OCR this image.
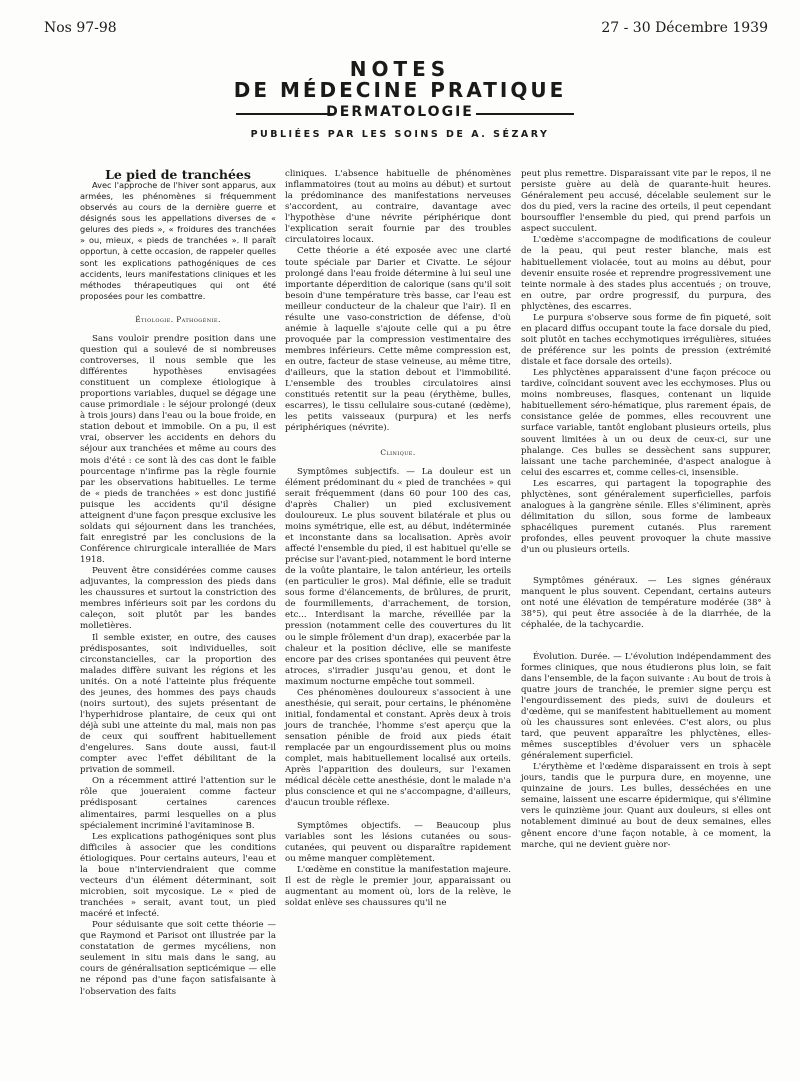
Nos 97-98	27 - 30 Décembre 1939
NOTES
DE MÉDECINE PRATIQUE
DERMATOLOGIE
PUBLIÉES PAR LES SOINS DE A. SÉZARY

Le pied de tranchées

Avec l'approche de l'hiver sont apparus, aux armées, les phénomènes si fréquemment observés au cours de la dernière guerre et désignés sous les appellations diverses de « gelures des pieds », « froidures des tranchées » ou, mieux, « pieds de tranchées ». Il paraît opportun, à cette occasion, de rappeler quelles sont les explications pathogéniques de ces accidents, leurs manifestations cliniques et les méthodes thérapeutiques qui ont été proposées pour les combattre.

Étiologie. Pathogénie.

Sans vouloir prendre position dans une question qui a soulevé de si nombreuses controverses, il nous semble que les différentes hypothèses envisagées constituent un complexe étiologique à proportions variables, duquel se dégage une cause primordiale : le séjour prolongé (deux à trois jours) dans l'eau ou la boue froide, en station debout et immobile. On a pu, il est vrai, observer les accidents en dehors du séjour aux tranchées et même au cours des mois d'été : ce sont là des cas dont le faible pourcentage n'infirme pas la règle fournie par les observations habituelles. Le terme de « pieds de tranchées » est donc justifié puisque les accidents qu'il désigne atteignent d'une façon presque exclusive les soldats qui séjournent dans les tranchées, fait enregistré par les conclusions de la Conférence chirurgicale interalliée de Mars 1918.

Peuvent être considérées comme causes adjuvantes, la compression des pieds dans les chaussures et surtout la constriction des membres inférieurs soit par les cordons du caleçon, soit plutôt par les bandes molletières.

Il semble exister, en outre, des causes prédisposantes, soit individuelles, soit circonstancielles, car la proportion des malades diffère suivant les régions et les unités. On a noté l'atteinte plus fréquente des jeunes, des hommes des pays chauds (noirs surtout), des sujets présentant de l'hyperhidrose plantaire, de ceux qui ont déjà subi une atteinte du mal, mais non pas de ceux qui souffrent habituellement d'engelures. Sans doute aussi, faut-il compter avec l'effet débilitant de la privation de sommeil.

On a récemment attiré l'attention sur le rôle que joueraient comme facteur prédisposant certaines carences alimentaires, parmi lesquelles on a plus spécialement incriminé l'avitaminose B.

Les explications pathogéniques sont plus difficiles à associer que les conditions étiologiques. Pour certains auteurs, l'eau et la boue n'interviendraient que comme vecteurs d'un élément déterminant, soit microbien, soit mycosique. Le « pied de tranchées » serait, avant tout, un pied macéré et infecté.

Pour séduisante que soit cette théorie — que Raymond et Parisot ont illustrée par la constatation de germes mycéliens, non seulement in situ mais dans le sang, au cours de généralisation septicémique — elle ne répond pas d'une façon satisfaisante à l'observation des faits

cliniques. L'absence habituelle de phénomènes inflammatoires (tout au moins au début) et surtout la prédominance des manifestations nerveuses s'accordent, au contraire, davantage avec l'hypothèse d'une névrite périphérique dont l'explication serait fournie par des troubles circulatoires locaux.

Cette théorie a été exposée avec une clarté toute spéciale par Darier et Civatte. Le séjour prolongé dans l'eau froide détermine à lui seul une importante déperdition de calorique (sans qu'il soit besoin d'une température très basse, car l'eau est meilleur conducteur de la chaleur que l'air). Il en résulte une vaso-constriction de défense, d'où anémie à laquelle s'ajoute celle qui a pu être provoquée par la compression vestimentaire des membres inférieurs. Cette même compression est, en outre, facteur de stase veineuse, au même titre, d'ailleurs, que la station debout et l'immobilité. L'ensemble des troubles circulatoires ainsi constitués retentit sur la peau (érythème, bulles, escarres), le tissu cellulaire sous-cutané (œdème), les petits vaisseaux (purpura) et les nerfs périphériques (névrite).

Clinique.

Symptômes subjectifs. — La douleur est un élément prédominant du « pied de tranchées » qui serait fréquemment (dans 60 pour 100 des cas, d'après Chalier) un pied exclusivement douloureux. Le plus souvent bilatérale et plus ou moins symétrique, elle est, au début, indéterminée et inconstante dans sa localisation. Après avoir affecté l'ensemble du pied, il est habituel qu'elle se précise sur l'avant-pied, notamment le bord interne de la voûte plantaire, le talon antérieur, les orteils (en particulier le gros). Mal définie, elle se traduit sous forme d'élancements, de brûlures, de prurit, de fourmillements, d'arrachement, de torsion, etc... Interdisant la marche, réveillée par la pression (notamment celle des couvertures du lit ou le simple frôlement d'un drap), exacerbée par la chaleur et la position déclive, elle se manifeste encore par des crises spontanées qui peuvent être atroces, s'irradier jusqu'au genou, et dont le maximum nocturne empêche tout sommeil.

Ces phénomènes douloureux s'associent à une anesthésie, qui serait, pour certains, le phénomène initial, fondamental et constant. Après deux à trois jours de tranchée, l'homme s'est aperçu que la sensation pénible de froid aux pieds était remplacée par un engourdissement plus ou moins complet, mais habituellement localisé aux orteils. Après l'apparition des douleurs, sur l'examen médical décèle cette anesthésie, dont le malade n'a plus conscience et qui ne s'accompagne, d'ailleurs, d'aucun trouble réflexe.

Symptômes objectifs. — Beaucoup plus variables sont les lésions cutanées ou sous-cutanées, qui peuvent ou disparaître rapidement ou même manquer complètement.

L'œdème en constitue la manifestation majeure. Il est de règle le premier jour, apparaissant ou augmentant au moment où, lors de la relève, le soldat enlève ses chaussures qu'il ne

peut plus remettre. Disparaissant vite par le repos, il ne persiste guère au delà de quarante-huit heures. Généralement peu accusé, décelable seulement sur le dos du pied, vers la racine des orteils, il peut cependant boursouffler l'ensemble du pied, qui prend parfois un aspect succulent.

L'œdème s'accompagne de modifications de couleur de la peau, qui peut rester blanche, mais est habituellement violacée, tout au moins au début, pour devenir ensuite rosée et reprendre progressivement une teinte normale à des stades plus accentués ; on trouve, en outre, par ordre progressif, du purpura, des phlyctènes, des escarres.

Le purpura s'observe sous forme de fin piqueté, soit en placard diffus occupant toute la face dorsale du pied, soit plutôt en taches ecchymotiques irrégulières, situées de préférence sur les points de pression (extrémité distale et face dorsale des orteils).

Les phlyctènes apparaissent d'une façon précoce ou tardive, coïncidant souvent avec les ecchymoses. Plus ou moins nombreuses, flasques, contenant un liquide habituellement séro-hématique, plus rarement épais, de consistance gelée de pommes, elles recouvrent une surface variable, tantôt englobant plusieurs orteils, plus souvent limitées à un ou deux de ceux-ci, sur une phalange. Ces bulles se dessèchent sans suppurer, laissant une tache parcheminée, d'aspect analogue à celui des escarres et, comme celles-ci, insensible.

Les escarres, qui partagent la topographie des phlyctènes, sont généralement superficielles, parfois analogues à la gangrène sénile. Elles s'éliminent, après délimitation du sillon, sous forme de lambeaux sphacéliques purement cutanés. Plus rarement profondes, elles peuvent provoquer la chute massive d'un ou plusieurs orteils.

Symptômes généraux. — Les signes généraux manquent le plus souvent. Cependant, certains auteurs ont noté une élévation de température modérée (38° à 38°5), qui peut être associée à de la diarrhée, de la céphalée, de la tachycardie.

Évolution. Durée. — L'évolution indépendamment des formes cliniques, que nous étudierons plus loin, se fait dans l'ensemble, de la façon suivante : Au bout de trois à quatre jours de tranchée, le premier signe perçu est l'engourdissement des pieds, suivi de douleurs et d'œdème, qui se manifestent habituellement au moment où les chaussures sont enlevées. C'est alors, ou plus tard, que peuvent apparaître les phlyctènes, elles-mêmes susceptibles d'évoluer vers un sphacèle généralement superficiel.

L'érythème et l'œdème disparaissent en trois à sept jours, tandis que le purpura dure, en moyenne, une quinzaine de jours. Les bulles, desséchées en une semaine, laissent une escarre épidermique, qui s'élimine vers le quinzième jour. Quant aux douleurs, si elles ont notablement diminué au bout de deux semaines, elles gênent encore d'une façon notable, à ce moment, la marche, qui ne devient guère nor-
